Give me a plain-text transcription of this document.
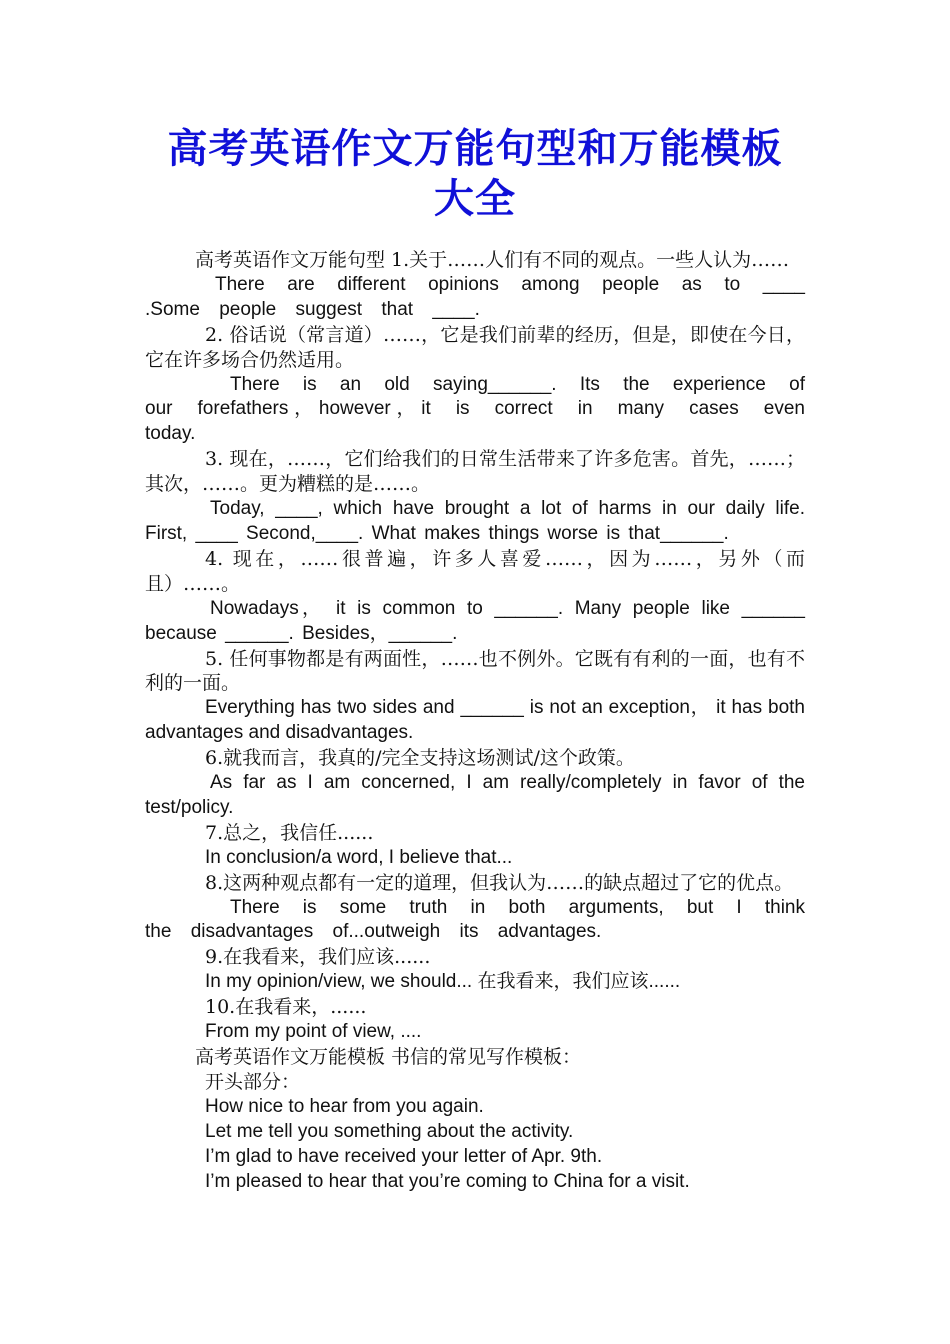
高考英语作文万能句型和万能模板
大全

高考英语作文万能句型 1.关于……人们有不同的观点。一些人认为……

There are different opinions among people as to ____ .Some people suggest that ____.

2. 俗话说（常言道）……，它是我们前辈的经历，但是，即使在今日，它在许多场合仍然适用。

There is an old saying______. Its the experience of our forefathers，however，it is correct in many cases even today.

3. 现在，……，它们给我们的日常生活带来了许多危害。首先，……；其次，……。更为糟糕的是……。

Today, ____, which have brought a lot of harms in our daily life. First, ____ Second,____. What makes things worse is that______.

4. 现在，……很普遍，许多人喜爱……，因为……，另外（而且）……。

Nowadays， it is common to ______. Many people like ______ because ______. Besides，______.

5. 任何事物都是有两面性，……也不例外。它既有有利的一面，也有不利的一面。

Everything has two sides and ______ is not an exception， it has both advantages and disadvantages.

6.就我而言，我真的/完全支持这场测试/这个政策。

As far as I am concerned, I am really/completely in favor of the test/policy.

7.总之，我信任......

In conclusion/a word, I believe that...

8.这两种观点都有一定的道理，但我认为……的缺点超过了它的优点。

There is some truth in both arguments, but I think the disadvantages of...outweigh its advantages.

9.在我看来，我们应该......

In my opinion/view, we should... 在我看来，我们应该......

10.在我看来，......

From my point of view, ....

高考英语作文万能模板 书信的常见写作模板：

开头部分：

How nice to hear from you again.

Let me tell you something about the activity.

I’m glad to have received your letter of Apr. 9th.

I’m pleased to hear that you’re coming to China for a visit.
